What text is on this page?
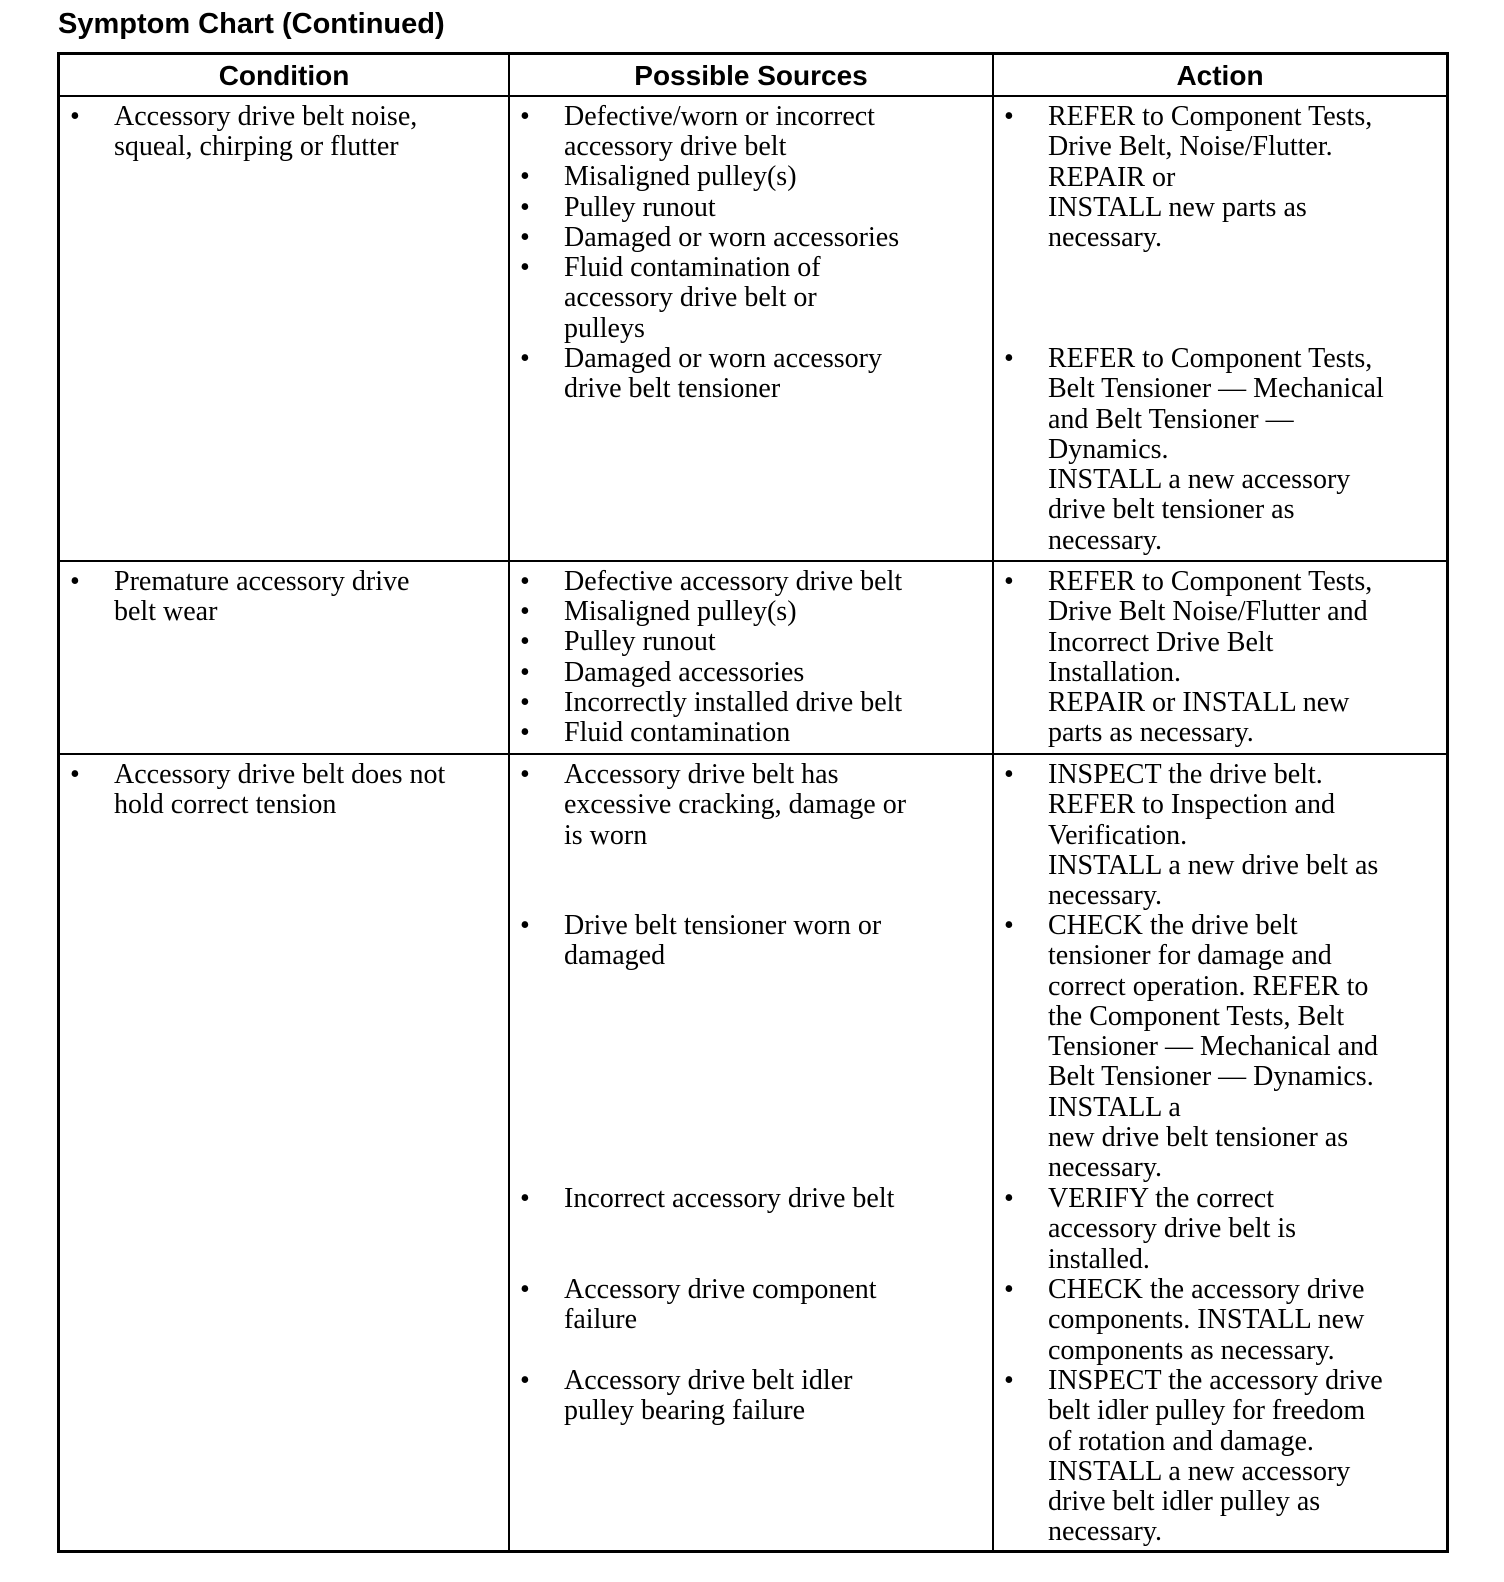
Symptom Chart (Continued)
Condition	Possible Sources	Action
• Accessory drive belt noise,
squeal, chirping or flutter
• Defective/worn or incorrect
accessory drive belt
• Misaligned pulley(s)
• Pulley runout
• Damaged or worn accessories
• Fluid contamination of
accessory drive belt or
pulleys
• Damaged or worn accessory
drive belt tensioner
• REFER to Component Tests,
Drive Belt, Noise/Flutter.
REPAIR or
INSTALL new parts as
necessary.
• REFER to Component Tests,
Belt Tensioner — Mechanical
and Belt Tensioner —
Dynamics.
INSTALL a new accessory
drive belt tensioner as
necessary.
• Premature accessory drive
belt wear
• Defective accessory drive belt
• Misaligned pulley(s)
• Pulley runout
• Damaged accessories
• Incorrectly installed drive belt
• Fluid contamination
• REFER to Component Tests,
Drive Belt Noise/Flutter and
Incorrect Drive Belt
Installation.
REPAIR or INSTALL new
parts as necessary.
• Accessory drive belt does not
hold correct tension
• Accessory drive belt has
excessive cracking, damage or
is worn
• Drive belt tensioner worn or
damaged
• Incorrect accessory drive belt
• Accessory drive component
failure
• Accessory drive belt idler
pulley bearing failure
• INSPECT the drive belt.
REFER to Inspection and
Verification.
INSTALL a new drive belt as
necessary.
• CHECK the drive belt
tensioner for damage and
correct operation. REFER to
the Component Tests, Belt
Tensioner — Mechanical and
Belt Tensioner — Dynamics.
INSTALL a
new drive belt tensioner as
necessary.
• VERIFY the correct
accessory drive belt is
installed.
• CHECK the accessory drive
components. INSTALL new
components as necessary.
• INSPECT the accessory drive
belt idler pulley for freedom
of rotation and damage.
INSTALL a new accessory
drive belt idler pulley as
necessary.
